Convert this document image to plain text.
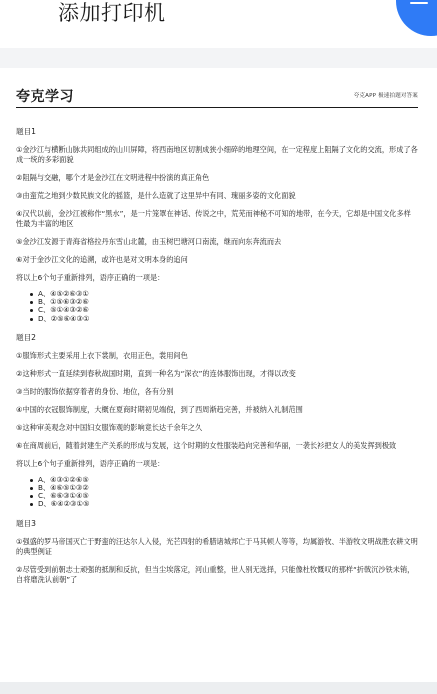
添加打印机
夸克学习	夸克APP 极速拍题对答案
题目1

①金沙江与横断山脉共同组成的山川屏障，将西南地区切割成狭小细碎的地理空间，在一定程度上阻隔了文化的交流，形成了各成一统的多彩面貌

②阻隔与交融，哪个才是金沙江在文明进程中扮演的真正角色

③由蛮荒之地到少数民族文化的摇篮，是什么造就了这里异中有同、瑰丽多姿的文化面貌

④汉代以前，金沙江被称作“黑水”，是一片笼罩在神话、传说之中，荒芜而神秘不可知的地带，在今天，它却是中国文化多样性最为丰富的地区

⑤金沙江发源于青海省格拉丹东雪山北麓，由玉树巴塘河口南流，继而向东奔流而去

⑥对于金沙江文化的追溯，或许也是对文明本身的追问

将以上6个句子重新排列，语序正确的一项是：

A、④⑤②⑥③①
B、①⑤⑥③②⑥
C、⑤①④③②⑥
D、②⑤⑥④③①
题目2

①服饰形式主要采用上衣下裳制，衣用正色，裳用间色

②这种形式一直延续到春秋战国时期，直到一种名为“深衣”的连体服饰出现，才得以改变

③当时的服饰依据穿着者的身份、地位，各有分别

④中国的衣冠服饰制度，大概在夏商时期初见端倪，到了西周渐趋完善，并被纳入礼制范围

⑤这种审美观念对中国妇女服饰观的影响竟长达千余年之久

⑥在商周前后，随着封建生产关系的形成与发展，这个时期的女性服装趋向完善和华丽，一袭长衫把女人的美发挥到极致

将以上6个句子重新排列，语序正确的一项是：

A、④③①②⑥⑤
B、④⑥⑤①③②
C、⑥⑥③①④⑤
D、⑥④②③①⑤
题目3

①强盛的罗马帝国灭亡于野蛮的汪达尔人入侵，光芒四射的希腊诸城邦亡于马其顿人等等，均属游牧、半游牧文明战胜农耕文明的典型例证

②尽管受到前朝志士顽强的抵制和反抗，但当尘埃落定，河山重整，世人别无选择，只能像杜牧慨叹的那样“折戟沉沙铁未销，自将磨洗认前朝”了
